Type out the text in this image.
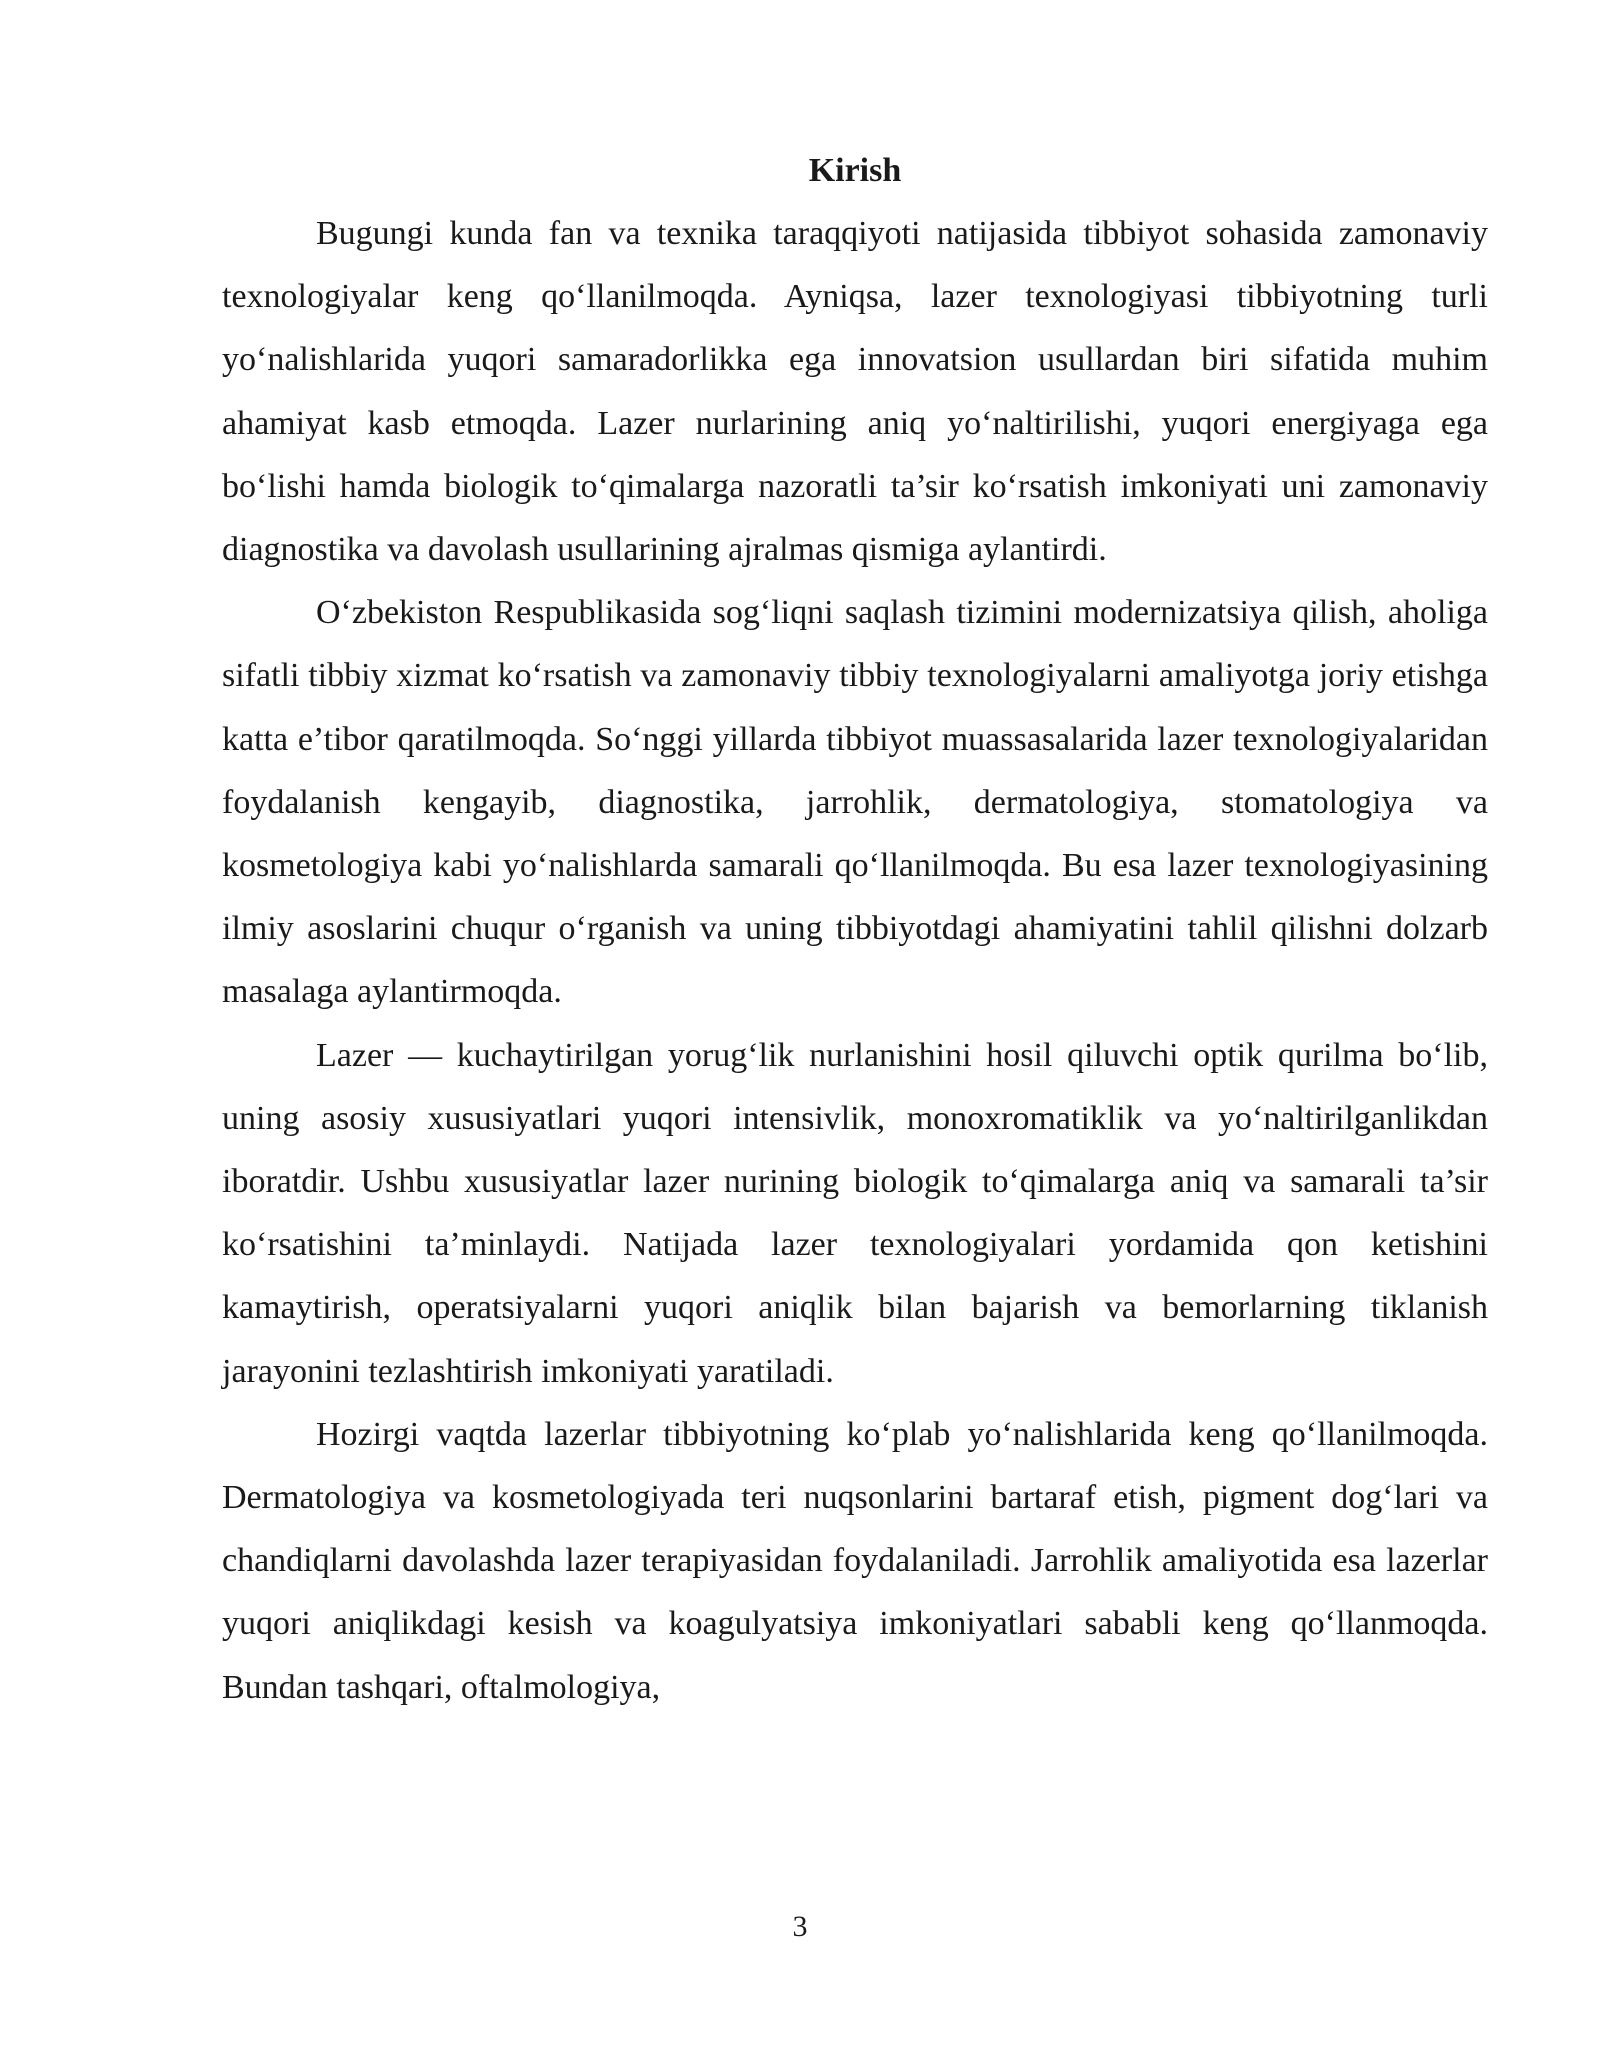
Kirish

Bugungi kunda fan va texnika taraqqiyoti natijasida tibbiyot sohasida zamonaviy texnologiyalar keng qo‘llanilmoqda. Ayniqsa, lazer texnologiyasi tibbiyotning turli yo‘nalishlarida yuqori samaradorlikka ega innovatsion usullardan biri sifatida muhim ahamiyat kasb etmoqda. Lazer nurlarining aniq yo‘naltirilishi, yuqori energiyaga ega bo‘lishi hamda biologik to‘qimalarga nazoratli ta’sir ko‘rsatish imkoniyati uni zamonaviy diagnostika va davolash usullarining ajralmas qismiga aylantirdi.

O‘zbekiston Respublikasida sog‘liqni saqlash tizimini modernizatsiya qilish, aholiga sifatli tibbiy xizmat ko‘rsatish va zamonaviy tibbiy texnologiyalarni amaliyotga joriy etishga katta e’tibor qaratilmoqda. So‘nggi yillarda tibbiyot muassasalarida lazer texnologiyalaridan foydalanish kengayib, diagnostika, jarrohlik, dermatologiya, stomatologiya va kosmetologiya kabi yo‘nalishlarda samarali qo‘llanilmoqda. Bu esa lazer texnologiyasining ilmiy asoslarini chuqur o‘rganish va uning tibbiyotdagi ahamiyatini tahlil qilishni dolzarb masalaga aylantirmoqda.

Lazer — kuchaytirilgan yorug‘lik nurlanishini hosil qiluvchi optik qurilma bo‘lib, uning asosiy xususiyatlari yuqori intensivlik, monoxromatiklik va yo‘naltirilganlikdan iboratdir. Ushbu xususiyatlar lazer nurining biologik to‘qimalarga aniq va samarali ta’sir ko‘rsatishini ta’minlaydi. Natijada lazer texnologiyalari yordamida qon ketishini kamaytirish, operatsiyalarni yuqori aniqlik bilan bajarish va bemorlarning tiklanish jarayonini tezlashtirish imkoniyati yaratiladi.

Hozirgi vaqtda lazerlar tibbiyotning ko‘plab yo‘nalishlarida keng qo‘llanilmoqda. Dermatologiya va kosmetologiyada teri nuqsonlarini bartaraf etish, pigment dog‘lari va chandiqlarni davolashda lazer terapiyasidan foydalaniladi. Jarrohlik amaliyotida esa lazerlar yuqori aniqlikdagi kesish va koagulyatsiya imkoniyatlari sababli keng qo‘llanmoqda. Bundan tashqari, oftalmologiya,

3
